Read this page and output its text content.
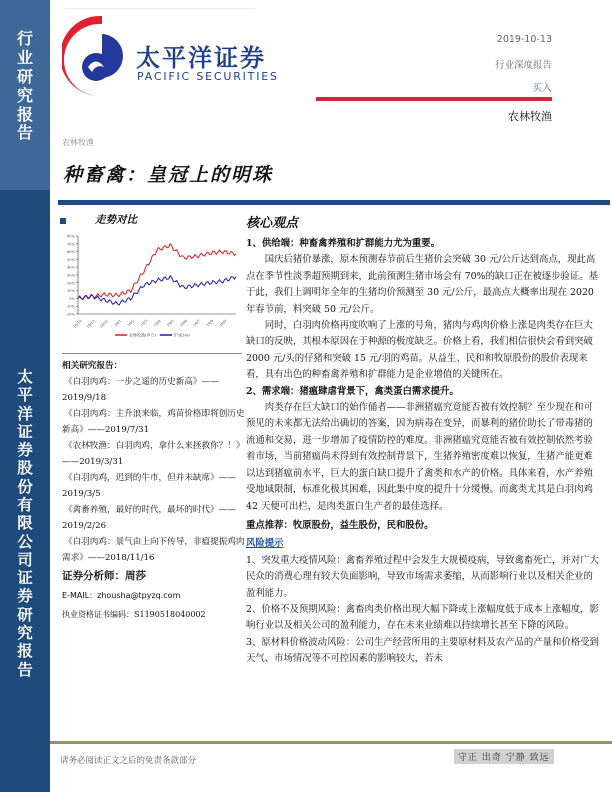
行
业
研
究
报
告
太
平
洋
证
券
股
份
有
限
公
司
证
券
研
究
报
告
太平洋证券
PACIFIC SECURITIES
2019-10-13
行业深度报告
买入
农林牧渔
农林牧渔
种畜禽：皇冠上的明珠
走势对比
-20%
-10%
0%
10%
20%
30%
40%
50%
60%
70%
80%
18/10 18/11 18/12 19/1 19/2 19/3 19/4 19/5 19/6 19/7 19/8 19/9
农林牧渔(申万)	沪深300
相关研究报告：
《白羽肉鸡：一步之遥的历史新高》——2019/9/18
《白羽肉鸡：主升浪来临，鸡苗价格即将创历史新高》——2019/7/31
《农林牧渔：白羽肉鸡，拿什么来拯救你？！》——2019/3/31
《白羽肉鸡，迟到的牛市，但并未缺席》——2019/3/5
《禽畜养殖，最好的时代，最坏的时代》——2019/2/26
《白羽肉鸡：景气由上向下传导，非瘟提振鸡肉需求》——2018/11/16
证券分析师：周莎
E-MAIL：zhousha@tpyzq.com
执业资格证书编码：S1190518040002
核心观点

1、供给端：种畜禽养殖和扩群能力尤为重要。

国庆后猪价暴涨，原本预测春节前后生猪价会突破 30 元/公斤达到高点，现此高点在季节性淡季超预期到来，此前预测生猪市场会有 70%的缺口正在被逐步验证。基于此，我们上调明年全年的生猪均价预测至 30 元/公斤，最高点大概率出现在 2020 年春节前，料突破 50 元/公斤。

同时，白羽肉价格再度吹响了上涨的号角，猪肉与鸡肉价格上涨是肉类存在巨大缺口的反映，其根本原因在于种源的极度缺乏。价格上看，我们相信很快会看到突破 2000 元/头的仔猪和突破 15 元/羽的鸡苗。从益生、民和和牧原股份的股价表现来看，具有出色的种畜禽养殖和扩群能力是企业增值的关键所在。

2、需求端：猪瘟肆虐背景下，禽类蛋白需求提升。

肉类存在巨大缺口的始作俑者——非洲猪瘟究竟能否被有效控制？至少现在和可预见的未来都无法给出确切的答案，因为病毒在变异，而暴利的猪价助长了带毒猪的流通和交易，进一步增加了疫情防控的难度。非洲猪瘟究竟能否被有效控制依然考验着市场，当前猪瘟尚未得到有效控制背景下，生猪养殖密度难以恢复，生猪产能更难以达到猪瘟前水平，巨大的蛋白缺口提升了禽类和水产的价格。具体来看，水产养殖受地域限制，标准化极其困难，因此集中度的提升十分缓慢。而禽类尤其是白羽肉鸡 42 天便可出栏，是肉类蛋白生产者的最佳选择。

重点推荐：牧原股份，益生股份，民和股份。

风险提示

1、突发重大疫情风险：禽畜养殖过程中会发生大规模疫病，导致禽畜死亡，并对广大民众的消费心理有较大负面影响，导致市场需求萎缩，从而影响行业以及相关企业的盈利能力。

2、价格不及预期风险：禽畜肉类价格出现大幅下降或上涨幅度低于成本上涨幅度，影响行业以及相关公司的盈利能力，存在未来业绩难以持续增长甚至下降的风险。

3、原材料价格波动风险：公司生产经营所用的主要原材料及农产品的产量和价格受到天气、市场情况等不可控因素的影响较大，若未

请务必阅读正文之后的免责条款部分	守正 出奇 宁静 致远
